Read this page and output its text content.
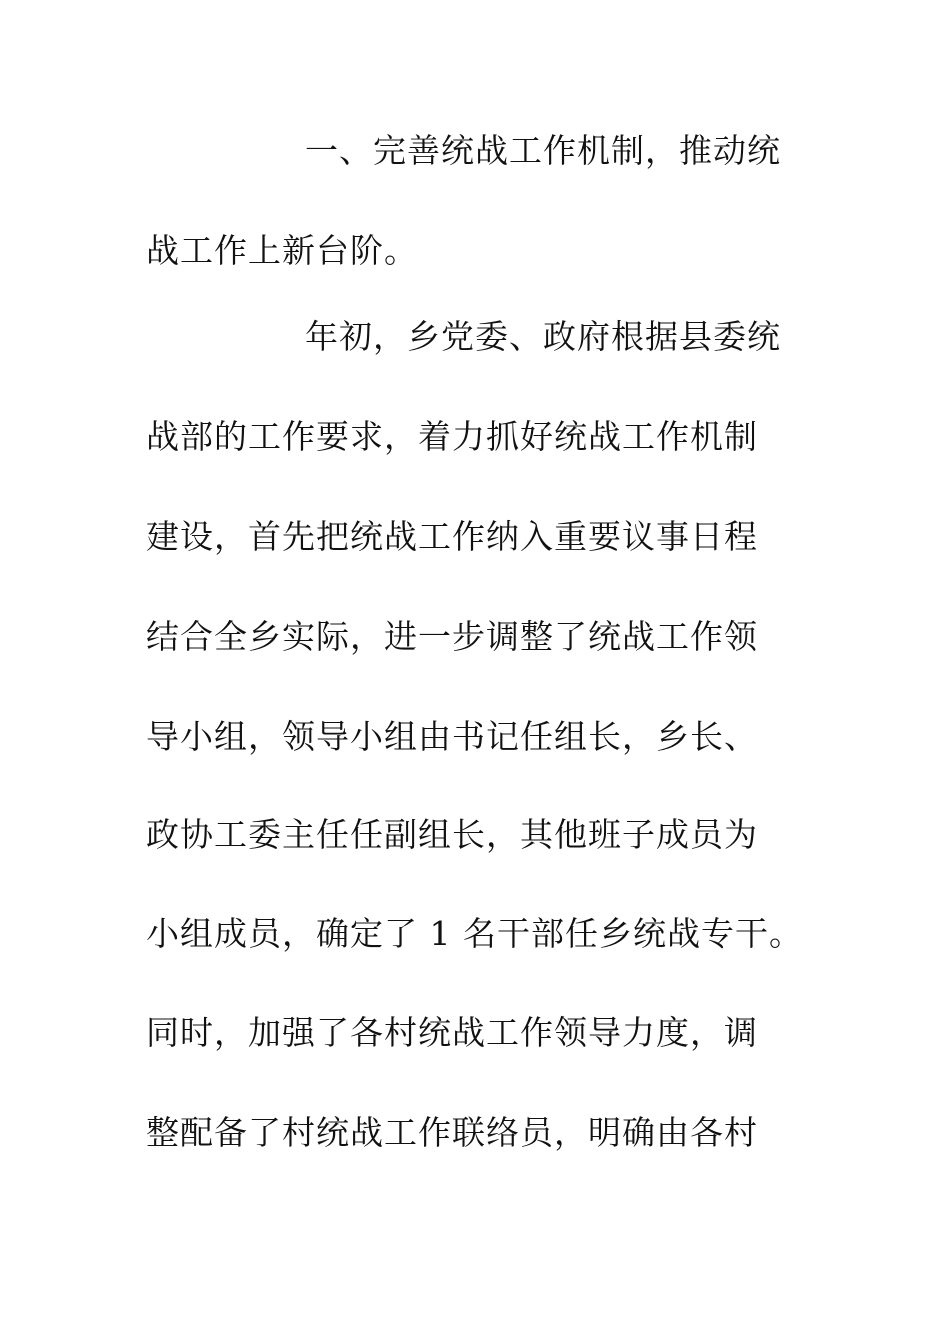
一、完善统战工作机制，推动统
战工作上新台阶。
年初，乡党委、政府根据县委统
战部的工作要求，着力抓好统战工作机制
建设，首先把统战工作纳入重要议事日程
结合全乡实际，进一步调整了统战工作领
导小组，领导小组由书记任组长，乡长、
政协工委主任任副组长，其他班子成员为
小组成员，确定了 1 名干部任乡统战专干。
同时，加强了各村统战工作领导力度，调
整配备了村统战工作联络员，明确由各村
